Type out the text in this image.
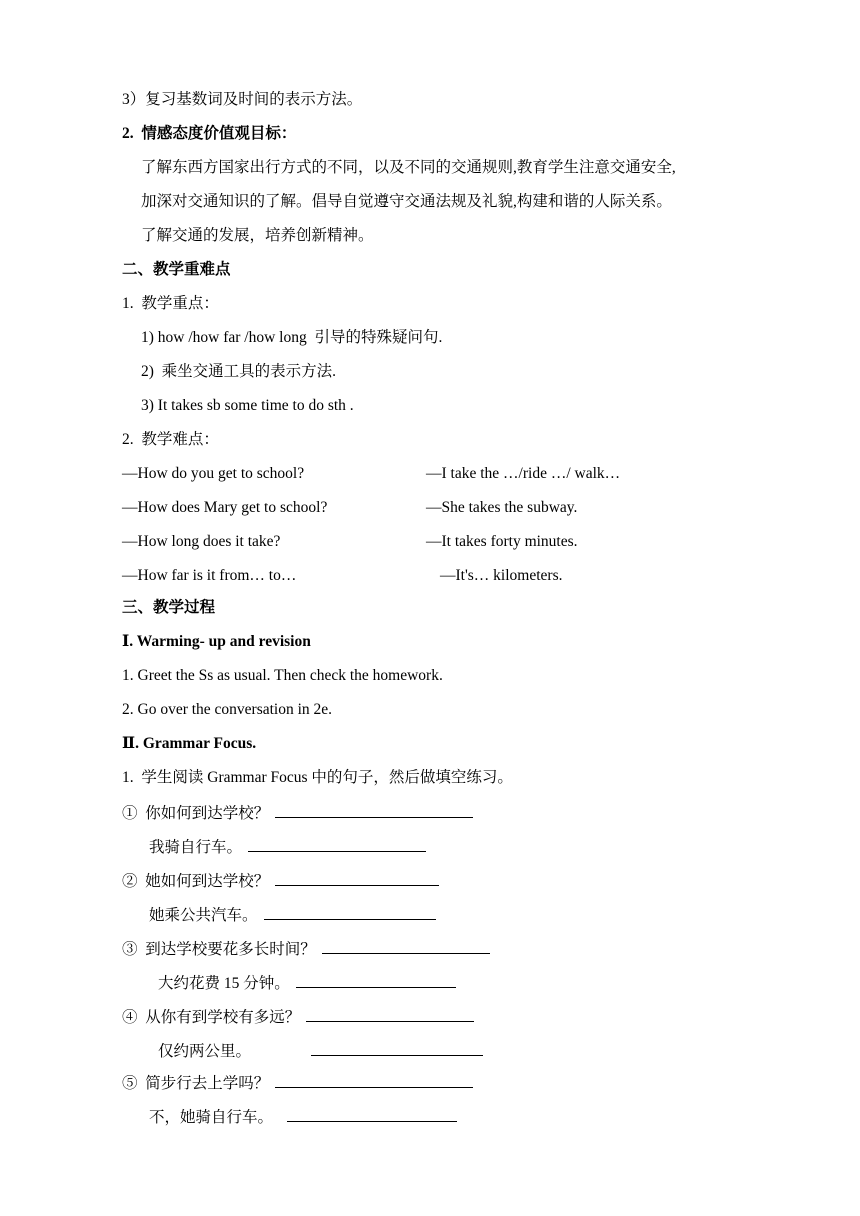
3）复习基数词及时间的表示方法。
2.  情感态度价值观目标：
了解东西方国家出行方式的不同，以及不同的交通规则,教育学生注意交通安全,
加深对交通知识的了解。倡导自觉遵守交通法规及礼貌,构建和谐的人际关系。
了解交通的发展，培养创新精神。
二、教学重难点
1.  教学重点：
1) how /how far /how long  引导的特殊疑问句.
2)  乘坐交通工具的表示方法.
3) It takes sb some time to do sth .
2.  教学难点：
—How do you get to school?	—I take the …/ride …/ walk…
—How does Mary get to school?	—She takes the subway.
—How long does it take?	—It takes forty minutes.
—How far is it from… to…	—It's… kilometers.
三、教学过程
Ⅰ. Warming- up and revision
1. Greet the Ss as usual. Then check the homework.
2. Go over the conversation in 2e.
Ⅱ. Grammar Focus.
1.  学生阅读 Grammar Focus 中的句子，然后做填空练习。
①  你如何到达学校？
我骑自行车。
②  她如何到达学校？
她乘公共汽车。
③  到达学校要花多长时间？
大约花费 15 分钟。
④  从你有到学校有多远？
仅约两公里。
⑤  简步行去上学吗？
不，她骑自行车。
